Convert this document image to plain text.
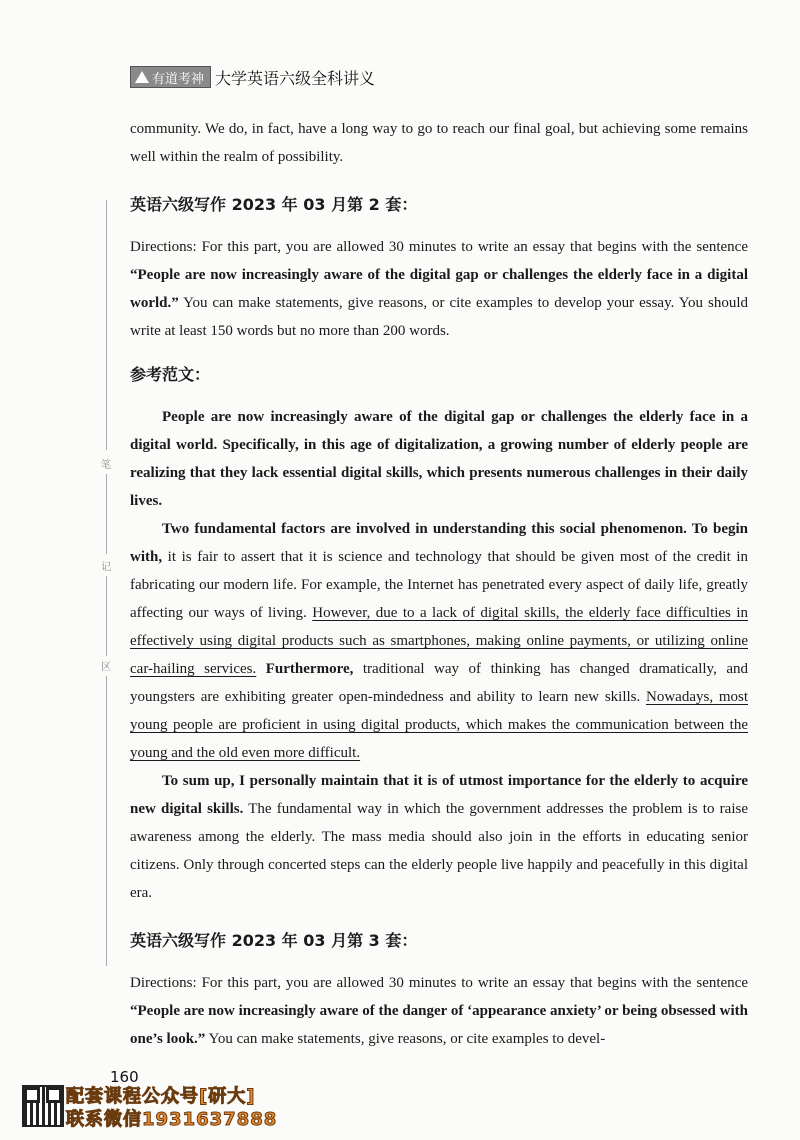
有道考神 大学英语六级全科讲义
笔
记
区

community. We do, in fact, have a long way to go to reach our final goal, but achieving some remains well within the realm of possibility.

英语六级写作 2023 年 03 月第 2 套：

Directions: For this part, you are allowed 30 minutes to write an essay that begins with the sentence “People are now increasingly aware of the digital gap or challenges the elderly face in a digital world.” You can make statements, give reasons, or cite examples to develop your essay. You should write at least 150 words but no more than 200 words.

参考范文：

People are now increasingly aware of the digital gap or challenges the elderly face in a digital world. Specifically, in this age of digitalization, a growing number of elderly people are realizing that they lack essential digital skills, which presents numerous challenges in their daily lives.

Two fundamental factors are involved in understanding this social phenomenon. To begin with, it is fair to assert that it is science and technology that should be given most of the credit in fabricating our modern life. For example, the Internet has penetrated every aspect of daily life, greatly affecting our ways of living. However, due to a lack of digital skills, the elderly face difficulties in effectively using digital products such as smartphones, making online payments, or utilizing online car-hailing services. Furthermore, traditional way of thinking has changed dramatically, and youngsters are exhibiting greater open-mindedness and ability to learn new skills. Nowadays, most young people are proficient in using digital products, which makes the communication between the young and the old even more difficult.

To sum up, I personally maintain that it is of utmost importance for the elderly to acquire new digital skills. The fundamental way in which the government addresses the problem is to raise awareness among the elderly. The mass media should also join in the efforts in educating senior citizens. Only through concerted steps can the elderly people live happily and peacefully in this digital era.

英语六级写作 2023 年 03 月第 3 套：

Directions: For this part, you are allowed 30 minutes to write an essay that begins with the sentence “People are now increasingly aware of the danger of ‘appearance anxiety’ or being obsessed with one’s look.” You can make statements, give reasons, or cite examples to devel-

160
配套课程公众号[研大]
联系微信1931637888
